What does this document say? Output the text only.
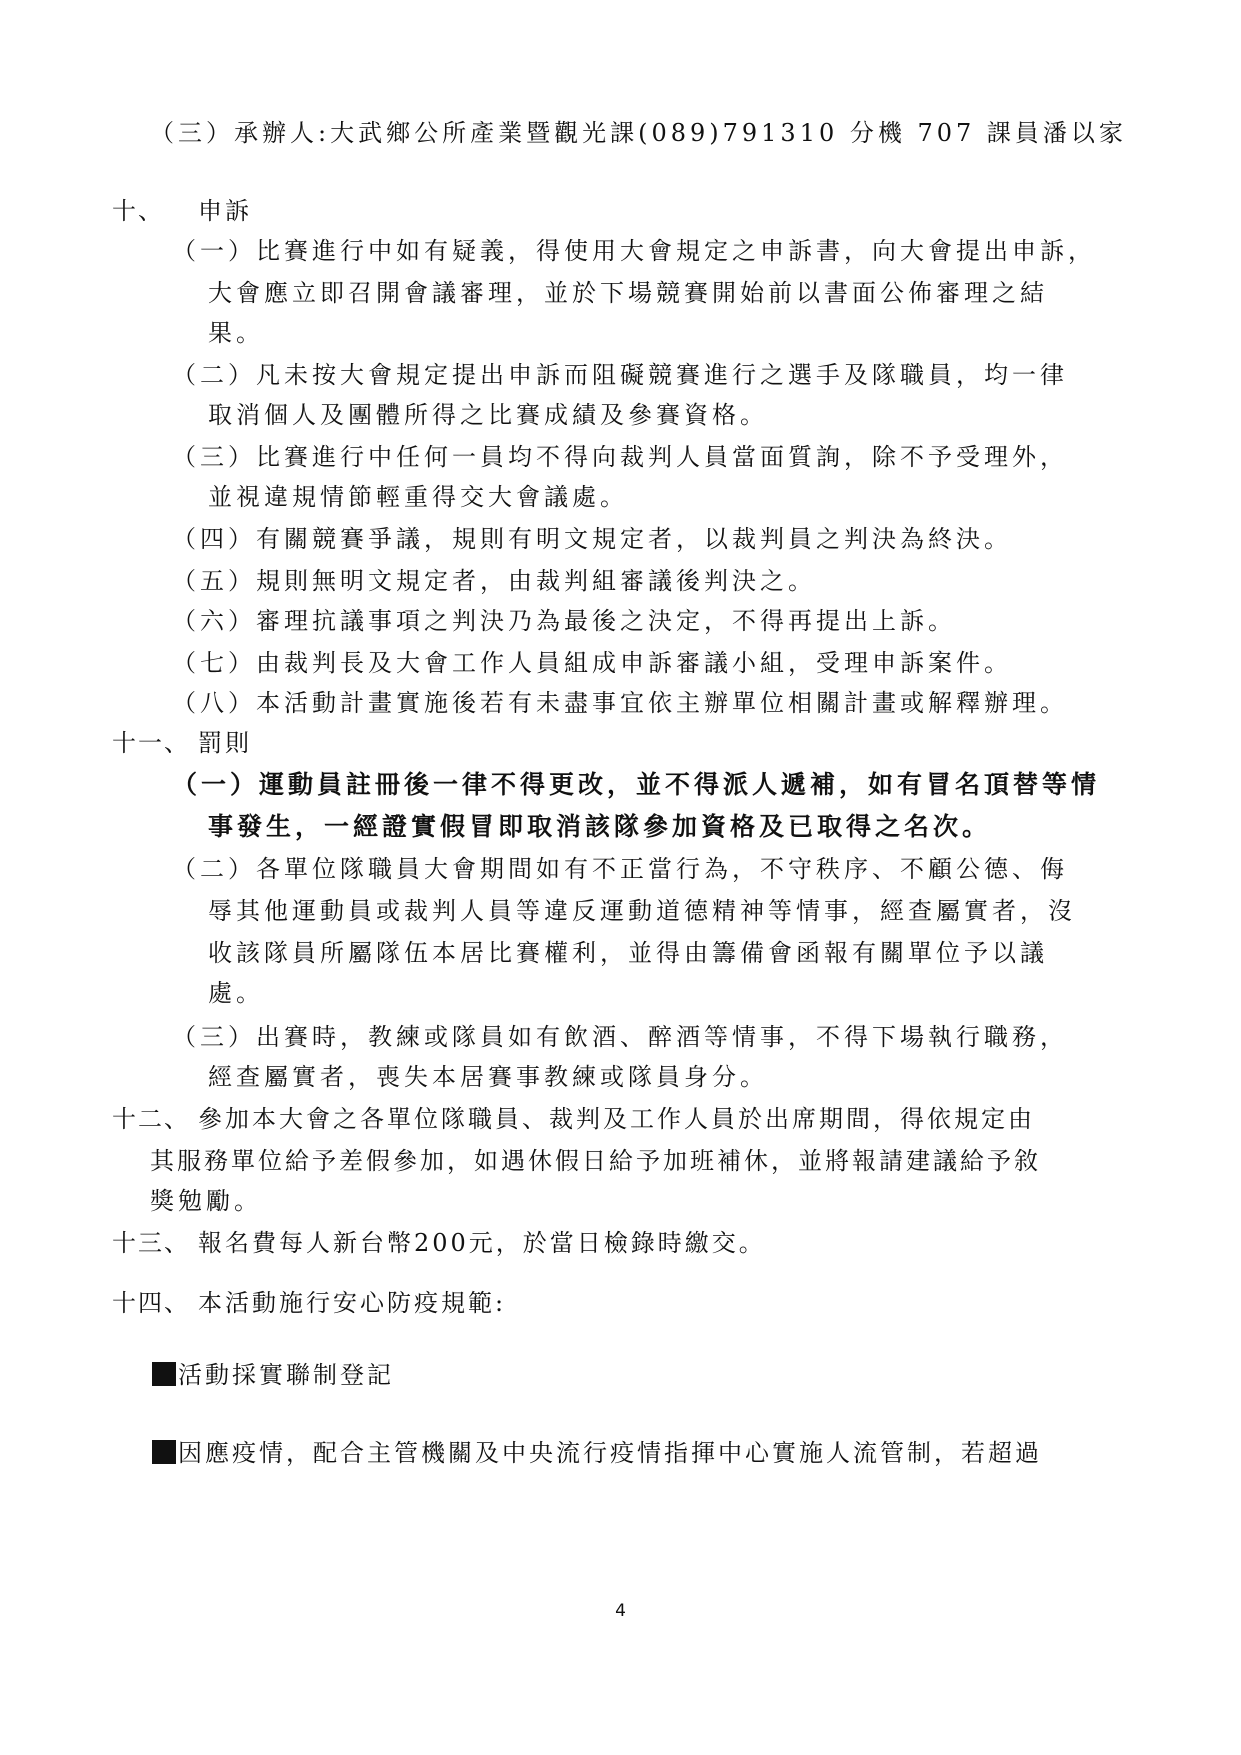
（三）承辦人:大武鄉公所產業暨觀光課(089)791310 分機 707 課員潘以家
十、 申訴
（一）比賽進行中如有疑義，得使用大會規定之申訴書，向大會提出申訴，
大會應立即召開會議審理，並於下場競賽開始前以書面公佈審理之結
果。
（二）凡未按大會規定提出申訴而阻礙競賽進行之選手及隊職員，均一律
取消個人及團體所得之比賽成績及參賽資格。
（三）比賽進行中任何一員均不得向裁判人員當面質詢，除不予受理外，
並視違規情節輕重得交大會議處。
（四）有關競賽爭議，規則有明文規定者，以裁判員之判決為終決。
（五）規則無明文規定者，由裁判組審議後判決之。
（六）審理抗議事項之判決乃為最後之決定，不得再提出上訴。
（七）由裁判長及大會工作人員組成申訴審議小組，受理申訴案件。
（八）本活動計畫實施後若有未盡事宜依主辦單位相關計畫或解釋辦理。
十一、 罰則
（一）運動員註冊後一律不得更改，並不得派人遞補，如有冒名頂替等情
事發生，一經證實假冒即取消該隊參加資格及已取得之名次。
（二）各單位隊職員大會期間如有不正當行為，不守秩序、不顧公德、侮
辱其他運動員或裁判人員等違反運動道德精神等情事，經查屬實者，沒
收該隊員所屬隊伍本居比賽權利，並得由籌備會函報有關單位予以議
處。
（三）出賽時，教練或隊員如有飲酒、醉酒等情事，不得下場執行職務，
經查屬實者，喪失本居賽事教練或隊員身分。
十二、 參加本大會之各單位隊職員、裁判及工作人員於出席期間，得依規定由
其服務單位給予差假參加，如遇休假日給予加班補休，並將報請建議給予敘
獎勉勵。
十三、 報名費每人新台幣200元，於當日檢錄時繳交。
十四、 本活動施行安心防疫規範:
活動採實聯制登記
因應疫情，配合主管機關及中央流行疫情指揮中心實施人流管制，若超過
4
